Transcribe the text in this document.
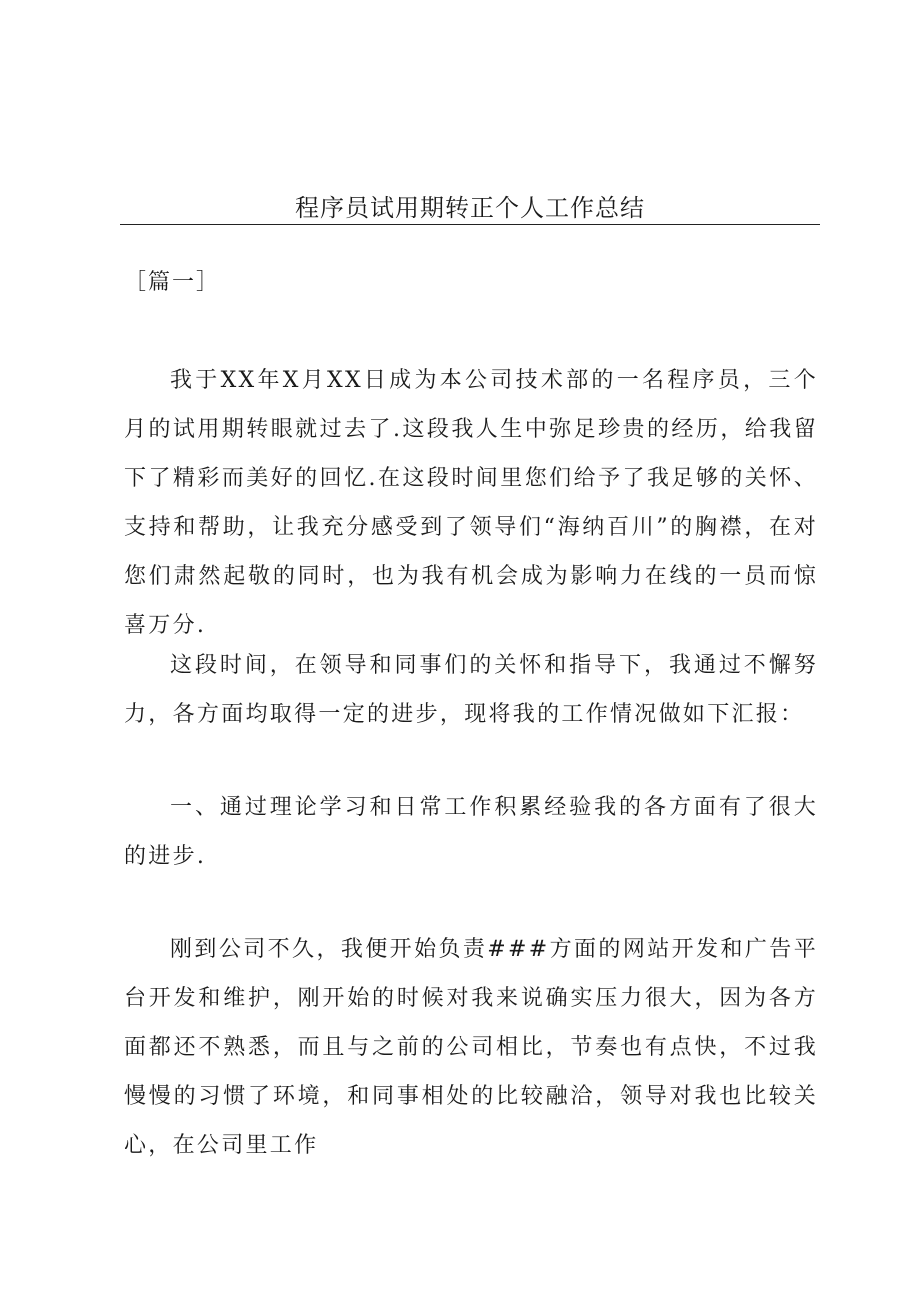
程序员试用期转正个人工作总结
［篇一］

我于XX年X月XX日成为本公司技术部的一名程序员，三个月的试用期转眼就过去了.这段我人生中弥足珍贵的经历，给我留下了精彩而美好的回忆.在这段时间里您们给予了我足够的关怀、支持和帮助，让我充分感受到了领导们“海纳百川”的胸襟，在对您们肃然起敬的同时，也为我有机会成为影响力在线的一员而惊喜万分.

这段时间，在领导和同事们的关怀和指导下，我通过不懈努力，各方面均取得一定的进步，现将我的工作情况做如下汇报：

一、通过理论学习和日常工作积累经验我的各方面有了很大的进步.

刚到公司不久，我便开始负责###方面的网站开发和广告平台开发和维护，刚开始的时候对我来说确实压力很大，因为各方面都还不熟悉，而且与之前的公司相比，节奏也有点快，不过我慢慢的习惯了环境，和同事相处的比较融洽，领导对我也比较关心，在公司里工作
